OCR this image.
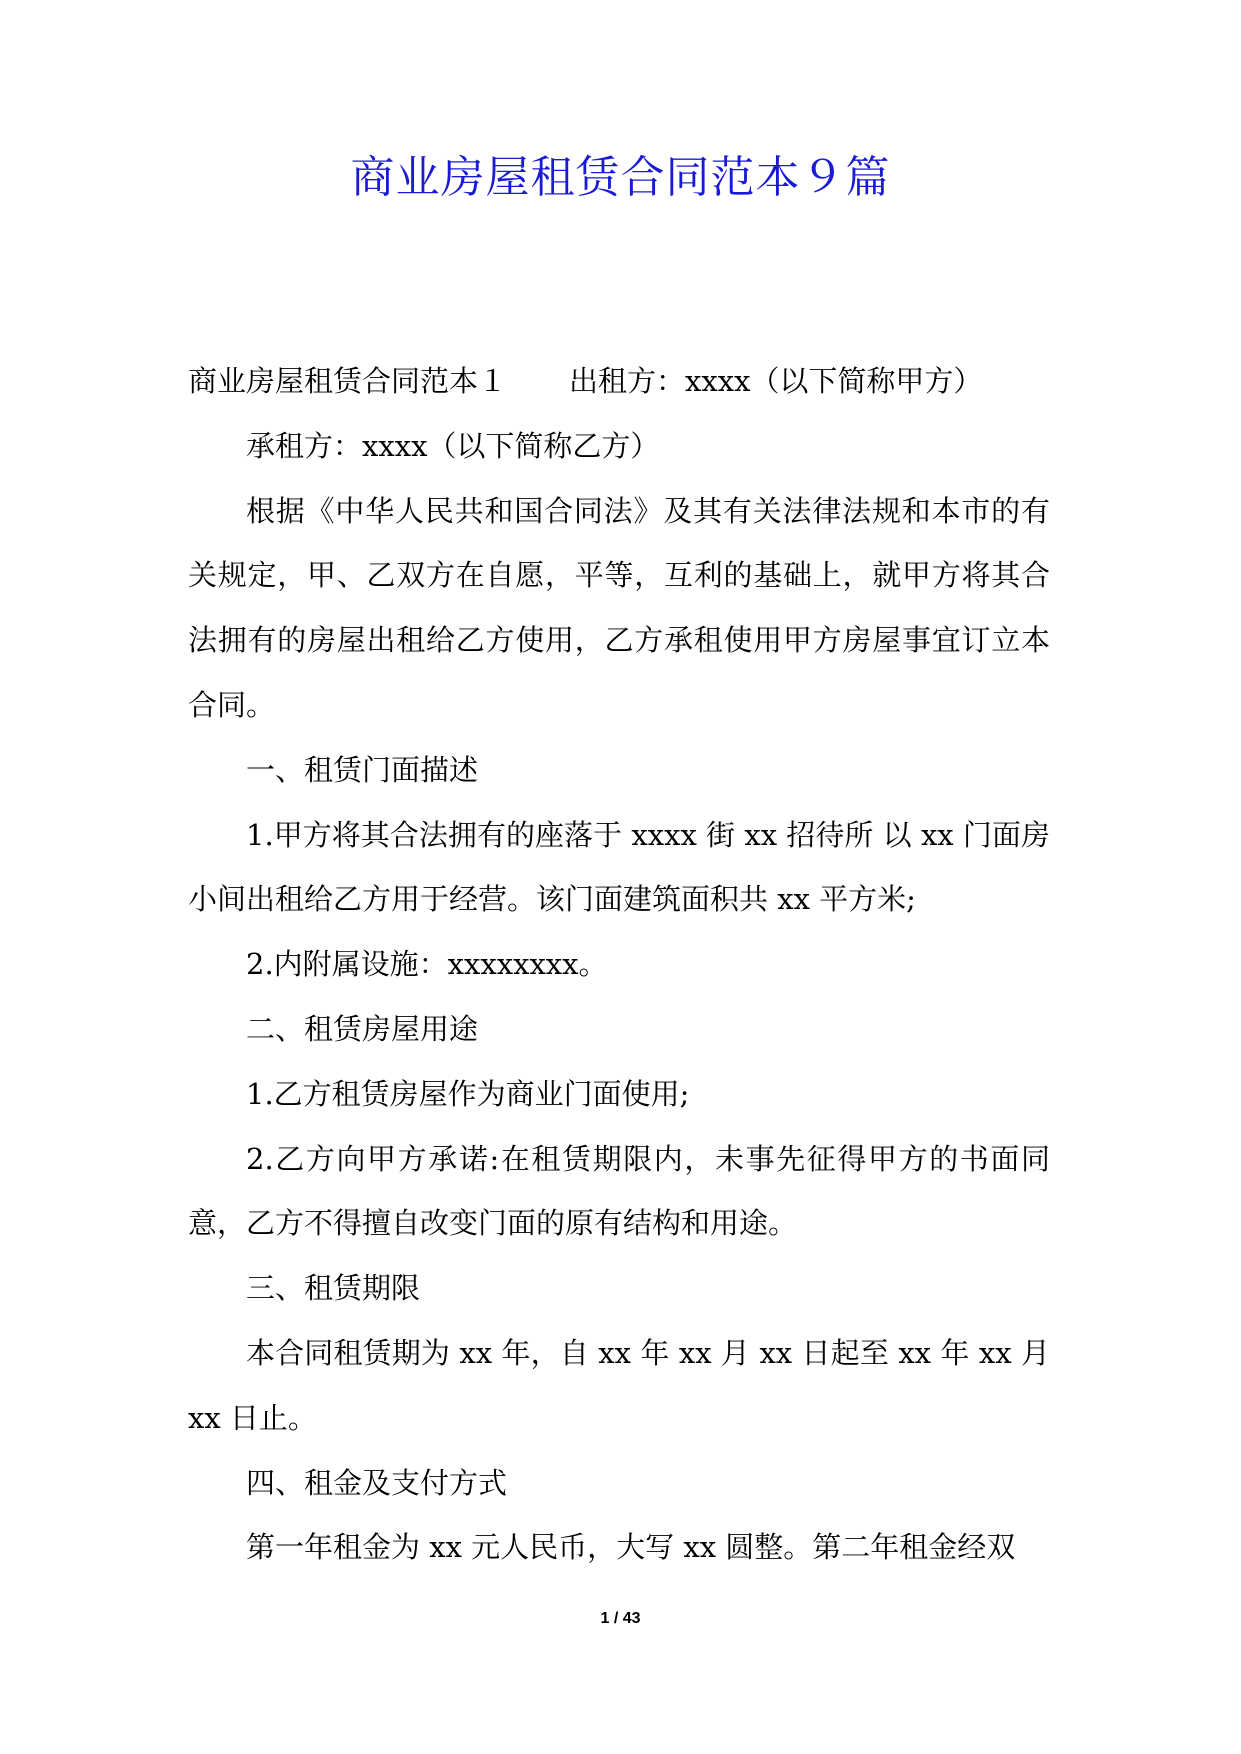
商业房屋租赁合同范本９篇

商业房屋租赁合同范本１ 出租方：xxxx（以下简称甲方）

承租方：xxxx（以下简称乙方）

根据《中华人民共和国合同法》及其有关法律法规和本市的有关规定，甲、乙双方在自愿，平等，互利的基础上，就甲方将其合法拥有的房屋出租给乙方使用，乙方承租使用甲方房屋事宜订立本合同。

一、租赁门面描述

1.甲方将其合法拥有的座落于 xxxx 街 xx 招待所 以 xx 门面房小间出租给乙方用于经营。该门面建筑面积共 xx 平方米;

2.内附属设施：xxxxxxxx。

二、租赁房屋用途

1.乙方租赁房屋作为商业门面使用;

2.乙方向甲方承诺:在租赁期限内，未事先征得甲方的书面同意，乙方不得擅自改变门面的原有结构和用途。

三、租赁期限

本合同租赁期为 xx 年，自 xx 年 xx 月 xx 日起至 xx 年 xx 月 xx 日止。

四、租金及支付方式

第一年租金为 xx 元人民币，大写 xx 圆整。第二年租金经双

1 / 43
